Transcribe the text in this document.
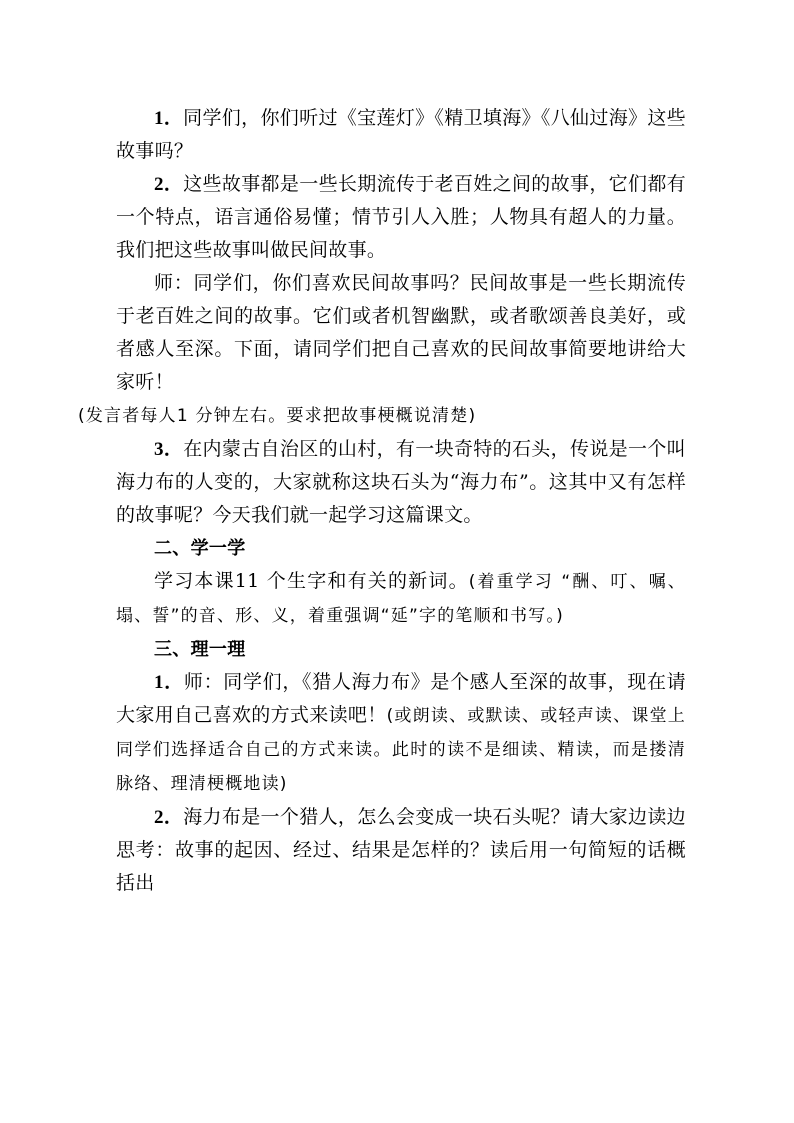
1．同学们，你们听过《宝莲灯》《精卫填海》《八仙过海》这些故事吗？

2．这些故事都是一些长期流传于老百姓之间的故事，它们都有一个特点，语言通俗易懂；情节引人入胜；人物具有超人的力量。我们把这些故事叫做民间故事。

师：同学们，你们喜欢民间故事吗？民间故事是一些长期流传于老百姓之间的故事。它们或者机智幽默，或者歌颂善良美好，或者感人至深。下面，请同学们把自己喜欢的民间故事简要地讲给大家听！
(发言者每人1 分钟左右。要求把故事梗概说清楚)

3．在内蒙古自治区的山村，有一块奇特的石头，传说是一个叫海力布的人变的，大家就称这块石头为“海力布”。这其中又有怎样的故事呢？今天我们就一起学习这篇课文。

二、学一学

学习本课11 个生字和有关的新词。(着重学习 “酬、叮、嘱、塌、誓”的音、形、义，着重强调“延”字的笔顺和书写。)

三、理一理

1．师：同学们，《猎人海力布》是个感人至深的故事，现在请大家用自己喜欢的方式来读吧！(或朗读、或默读、或轻声读、课堂上同学们选择适合自己的方式来读。此时的读不是细读、精读，而是搂清脉络、理清梗概地读)

2．海力布是一个猎人，怎么会变成一块石头呢？请大家边读边思考：故事的起因、经过、结果是怎样的？读后用一句简短的话概括出
